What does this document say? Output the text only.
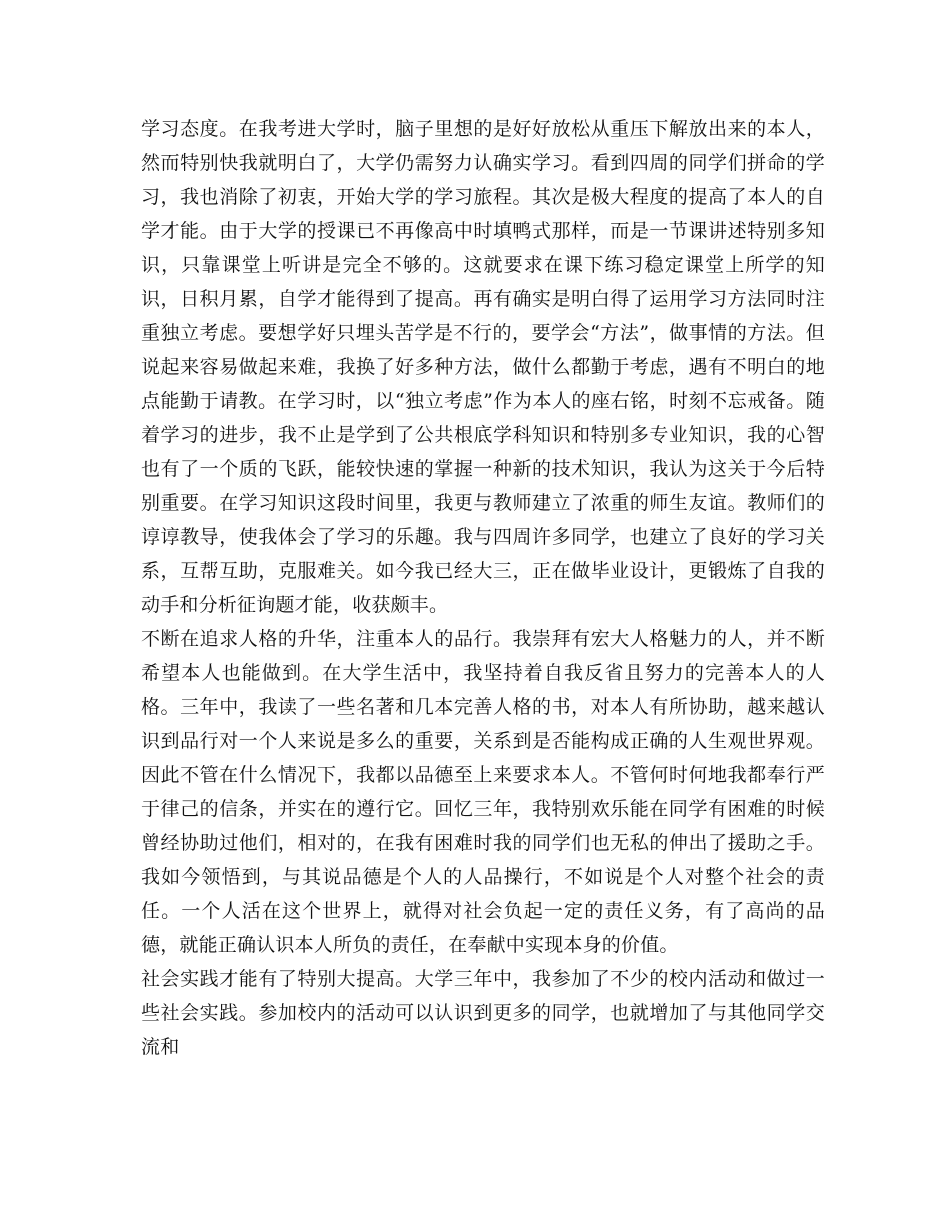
学习态度。在我考进大学时，脑子里想的是好好放松从重压下解放出来的本人，然而特别快我就明白了，大学仍需努力认确实学习。看到四周的同学们拼命的学习，我也消除了初衷，开始大学的学习旅程。其次是极大程度的提高了本人的自学才能。由于大学的授课已不再像高中时填鸭式那样，而是一节课讲述特别多知识，只靠课堂上听讲是完全不够的。这就要求在课下练习稳定课堂上所学的知识，日积月累，自学才能得到了提高。再有确实是明白得了运用学习方法同时注重独立考虑。要想学好只埋头苦学是不行的，要学会“方法”，做事情的方法。但说起来容易做起来难，我换了好多种方法，做什么都勤于考虑，遇有不明白的地点能勤于请教。在学习时，以“独立考虑”作为本人的座右铭，时刻不忘戒备。随着学习的进步，我不止是学到了公共根底学科知识和特别多专业知识，我的心智也有了一个质的飞跃，能较快速的掌握一种新的技术知识，我认为这关于今后特别重要。在学习知识这段时间里，我更与教师建立了浓重的师生友谊。教师们的谆谆教导，使我体会了学习的乐趣。我与四周许多同学，也建立了良好的学习关系，互帮互助，克服难关。如今我已经大三，正在做毕业设计，更锻炼了自我的动手和分析征询题才能，收获颇丰。

不断在追求人格的升华，注重本人的品行。我崇拜有宏大人格魅力的人，并不断希望本人也能做到。在大学生活中，我坚持着自我反省且努力的完善本人的人格。三年中，我读了一些名著和几本完善人格的书，对本人有所协助，越来越认识到品行对一个人来说是多么的重要，关系到是否能构成正确的人生观世界观。因此不管在什么情况下，我都以品德至上来要求本人。不管何时何地我都奉行严于律己的信条，并实在的遵行它。回忆三年，我特别欢乐能在同学有困难的时候曾经协助过他们，相对的，在我有困难时我的同学们也无私的伸出了援助之手。我如今领悟到，与其说品德是个人的人品操行，不如说是个人对整个社会的责任。一个人活在这个世界上，就得对社会负起一定的责任义务，有了高尚的品德，就能正确认识本人所负的责任，在奉献中实现本身的价值。

社会实践才能有了特别大提高。大学三年中，我参加了不少的校内活动和做过一些社会实践。参加校内的活动可以认识到更多的同学，也就增加了与其他同学交流和
